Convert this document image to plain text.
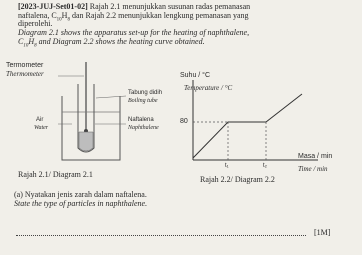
[2023-JUJ-Set01-02] Rajah 2.1 menunjukkan susunan radas pemanasan
naftalena, $C_{10}H_8$ dan Rajah 2.2 menunjukkan lengkung pemanasan yang
diperolehi.
Diagram 2.1 shows the apparatus set-up for the heating of naphthalene,
$C_{10}H_8$ and Diagram 2.2 shows the heating curve obtained.
Termometer
Thermometer
Tabung didih
Boiling tube
Air
Water
Naftalena
Naphthalene
Rajah 2.1/ Diagram 2.1
Suhu / °C
Temperature / °C
80
t₁	t₂
Masa / min
Time / min
Rajah 2.2/ Diagram 2.2
(a) Nyatakan jenis zarah dalam naftalena.
State the type of particles in naphthalene.
[1M]
